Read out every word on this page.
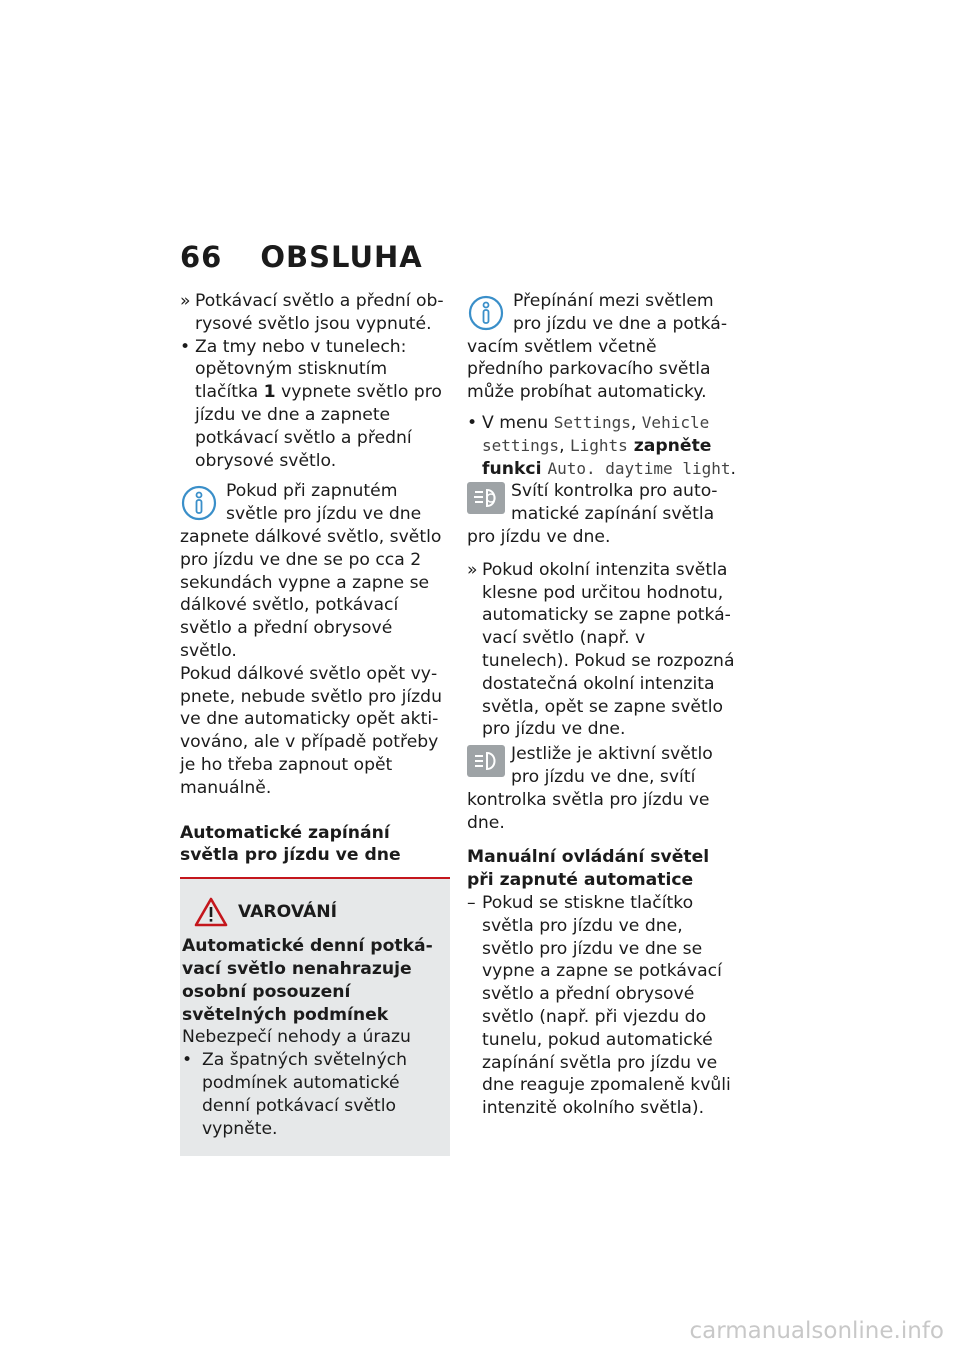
66 OBSLUHA

» Potkávací světlo a přední obrysové světlo jsou vypnuté.

• Za tmy nebo v tunelech: opětovným stisknutím tlačítka 1 vypnete světlo pro jízdu ve dne a zapnete potkávací světlo a přední obrysové světlo.

Pokud při zapnutém světle pro jízdu ve dne zapnete dálkové světlo, světlo pro jízdu ve dne se po cca 2 sekundách vypne a zapne se dálkové světlo, potkávací světlo a přední obrysové světlo.

Pokud dálkové světlo opět vypnete, nebude světlo pro jízdu ve dne automaticky opět aktivováno, ale v případě potřeby je ho třeba zapnout opět manuálně.

Automatické zapínání světla pro jízdu ve dne

VAROVÁNÍ

Automatické denní potkávací světlo nenahrazuje osobní posouzení světelných podmínek

Nebezpečí nehody a úrazu

• Za špatných světelných podmínek automatické denní potkávací světlo vypněte.

Přepínání mezi světlem pro jízdu ve dne a potkávacím světlem včetně předního parkovacího světla může probíhat automaticky.

• V menu Settings, Vehicle settings, Lights zapněte funkci Auto. daytime light.

Svítí kontrolka pro automatické zapínání světla pro jízdu ve dne.

» Pokud okolní intenzita světla klesne pod určitou hodnotu, automaticky se zapne potkávací světlo (např. v tunelech). Pokud se rozpozná dostatečná okolní intenzita světla, opět se zapne světlo pro jízdu ve dne.

Jestliže je aktivní světlo pro jízdu ve dne, svítí kontrolka světla pro jízdu ve dne.

Manuální ovládání světel při zapnuté automatice

– Pokud se stiskne tlačítko světla pro jízdu ve dne, světlo pro jízdu ve dne se vypne a zapne se potkávací světlo a přední obrysové světlo (např. při vjezdu do tunelu, pokud automatické zapínání světla pro jízdu ve dne reaguje zpomaleně kvůli intenzitě okolního světla).

carmanualsonline.info
